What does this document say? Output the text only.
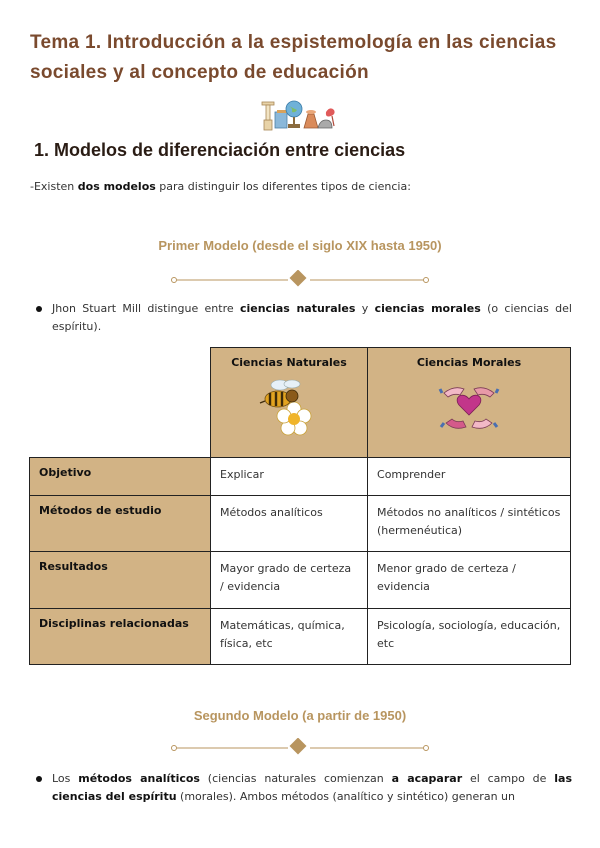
Tema 1. Introducción a la espistemología en las ciencias sociales y al concepto de educación
1. Modelos de diferenciación entre ciencias
-Existen dos modelos para distinguir los diferentes tipos de ciencia:
Primer Modelo (desde el siglo XIX hasta 1950)
Jhon Stuart Mill distingue entre ciencias naturales y ciencias morales (o ciencias del espíritu).
	Ciencias Naturales	Ciencias Morales

Objetivo	Explicar	Comprender
Métodos de estudio	Métodos analíticos	Métodos no analíticos / sintéticos (hermenéutica)
Resultados	Mayor grado de certeza / evidencia	Menor grado de certeza / evidencia
Disciplinas relacionadas	Matemáticas, química, física, etc	Psicología, sociología, educación, etc
Segundo Modelo (a partir de 1950)
Los métodos analíticos (ciencias naturales comienzan a acaparar el campo de las ciencias del espíritu (morales). Ambos métodos (analítico y sintético) generan un
